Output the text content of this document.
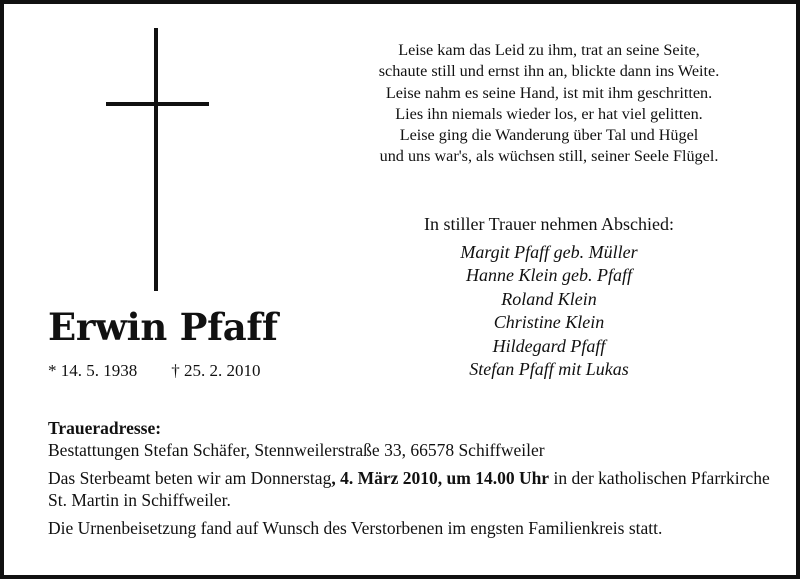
Leise kam das Leid zu ihm, trat an seine Seite,
schaute still und ernst ihn an, blickte dann ins Weite.
Leise nahm es seine Hand, ist mit ihm geschritten.
Lies ihn niemals wieder los, er hat viel gelitten.
Leise ging die Wanderung über Tal und Hügel
und uns war's, als wüchsen still, seiner Seele Flügel.
In stiller Trauer nehmen Abschied:
Margit Pfaff geb. Müller
Hanne Klein geb. Pfaff
Roland Klein
Christine Klein
Hildegard Pfaff
Stefan Pfaff mit Lukas
Erwin Pfaff
* 14. 5. 1938 † 25. 2. 2010

Traueradresse:

Bestattungen Stefan Schäfer, Stennweilerstraße 33, 66578 Schiffweiler

Das Sterbeamt beten wir am Donnerstag, 4. März 2010, um 14.00 Uhr in der katholischen Pfarrkirche St. Martin in Schiffweiler.

Die Urnenbeisetzung fand auf Wunsch des Verstorbenen im engsten Familienkreis statt.
